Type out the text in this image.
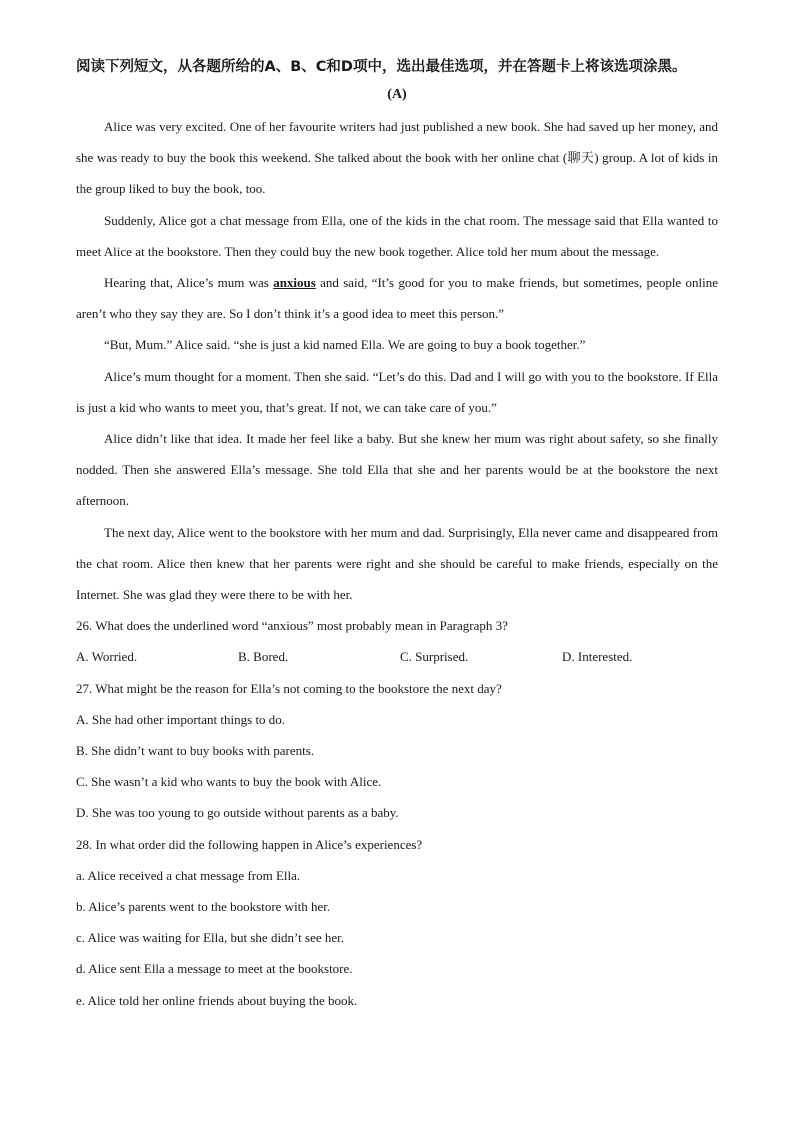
阅读下列短文，从各题所给的A、B、C和D项中，选出最佳选项，并在答题卡上将该选项涂黑。

(A)

Alice was very excited. One of her favourite writers had just published a new book. She had saved up her money, and she was ready to buy the book this weekend. She talked about the book with her online chat (聊天) group. A lot of kids in the group liked to buy the book, too.

Suddenly, Alice got a chat message from Ella, one of the kids in the chat room. The message said that Ella wanted to meet Alice at the bookstore. Then they could buy the new book together. Alice told her mum about the message.

Hearing that, Alice’s mum was anxious and said, “It’s good for you to make friends, but sometimes, people online aren’t who they say they are. So I don’t think it’s a good idea to meet this person.”

“But, Mum.” Alice said. “she is just a kid named Ella. We are going to buy a book together.”

Alice’s mum thought for a moment. Then she said. “Let’s do this. Dad and I will go with you to the bookstore. If Ella is just a kid who wants to meet you, that’s great. If not, we can take care of you.”

Alice didn’t like that idea. It made her feel like a baby. But she knew her mum was right about safety, so she finally nodded. Then she answered Ella’s message. She told Ella that she and her parents would be at the bookstore the next afternoon.

The next day, Alice went to the bookstore with her mum and dad. Surprisingly, Ella never came and disappeared from the chat room. Alice then knew that her parents were right and she should be careful to make friends, especially on the Internet. She was glad they were there to be with her.

26. What does the underlined word “anxious” most probably mean in Paragraph 3?

A. Worried.	B. Bored.	C. Surprised.	D. Interested.

27. What might be the reason for Ella’s not coming to the bookstore the next day?

A. She had other important things to do.

B. She didn’t want to buy books with parents.

C. She wasn’t a kid who wants to buy the book with Alice.

D. She was too young to go outside without parents as a baby.

28. In what order did the following happen in Alice’s experiences?

a. Alice received a chat message from Ella.

b. Alice’s parents went to the bookstore with her.

c. Alice was waiting for Ella, but she didn’t see her.

d. Alice sent Ella a message to meet at the bookstore.

e. Alice told her online friends about buying the book.
